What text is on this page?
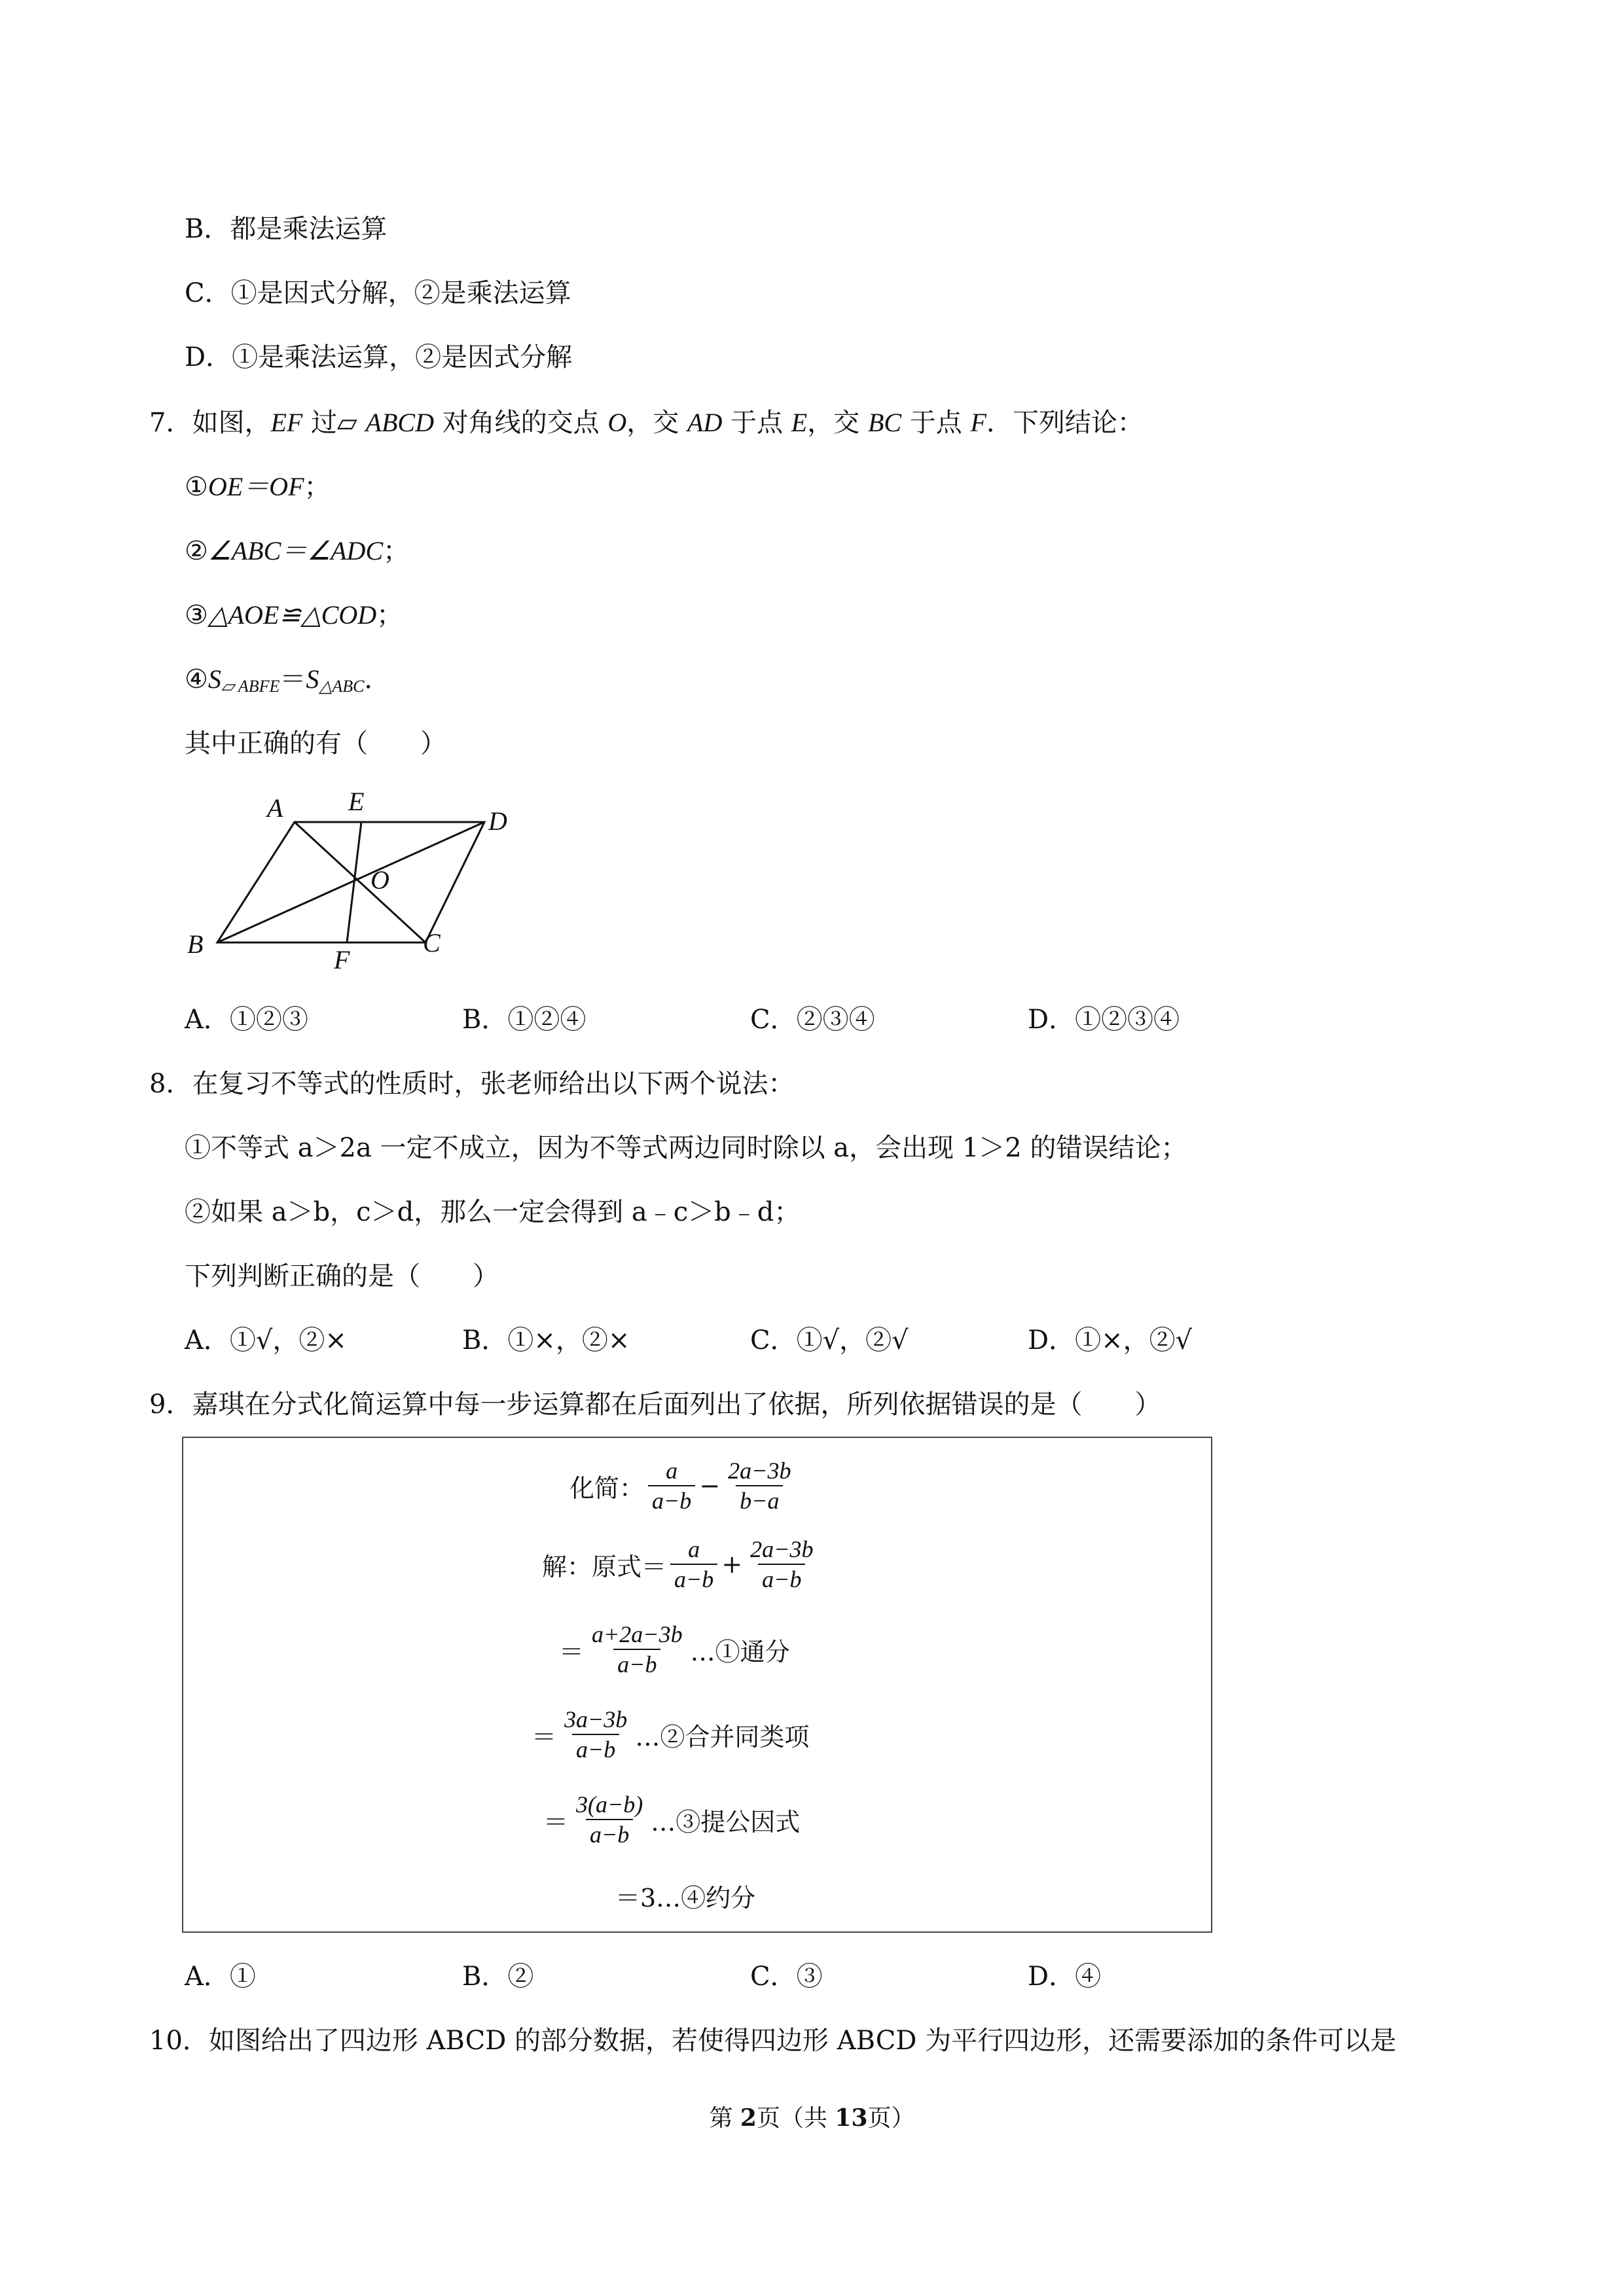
B．都是乘法运算
C．①是因式分解，②是乘法运算
D．①是乘法运算，②是因式分解
7．如图，EF 过▱ ABCD 对角线的交点 O，交 AD 于点 E，交 BC 于点 F．下列结论：
①OE＝OF；
②∠ABC＝∠ADC；
③△AOE≌△COD；
$④S_{▱ ABFE}=S_{\triangle ABC}$．
其中正确的有（　　）
A E
D
O
B
F
C
A．①②③	B．①②④	C．②③④	D．①②③④
8．在复习不等式的性质时，张老师给出以下两个说法：
①不等式 a＞2a 一定不成立，因为不等式两边同时除以 a，会出现 1＞2 的错误结论；
②如果 a＞b，c＞d，那么一定会得到 a﹣c＞b﹣d；
下列判断正确的是（　　）
A．①√，②×	B．①×，②×	C．①√，②√	D．①×，②√
9．嘉琪在分式化简运算中每一步运算都在后面列出了依据，所列依据错误的是（　　）
化简： $\frac{a}{a-b} - \frac{2a-3b}{b-a}$
解：原式＝ $\frac{a}{a-b} + \frac{2a-3b}{a-b}$
＝ $\frac{a+2a-3b}{a-b}$ …①通分
＝ $\frac{3a-3b}{a-b}$ …②合并同类项
＝ $\frac{3(a-b)}{a-b}$ …③提公因式
＝3…④约分
A．①	B．②	C．③	D．④
10．如图给出了四边形 ABCD 的部分数据，若使得四边形 ABCD 为平行四边形，还需要添加的条件可以是
第 2页（共 13页）
